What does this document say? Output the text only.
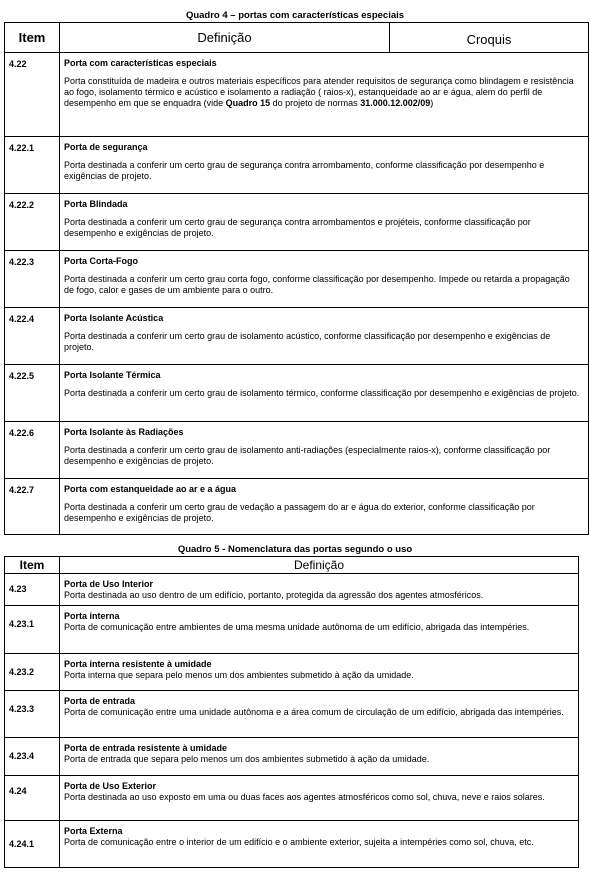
Quadro 4 – portas com características especiais
Item	Definição	Croquis
4.22	Porta com características especiais
Porta constituída de madeira e outros materiais específicos para atender requisitos de segurança como blindagem e resistência ao fogo, isolamento térmico e acústico e isolamento a radiação ( raios-x), estanqueidade ao ar e água, alem do perfil de desempenho em que se enquadra (vide Quadro 15 do projeto de normas 31.000.12.002/09)	

4.22.1	Porta de segurança
Porta destinada a conferir um certo grau de segurança contra arrombamento, conforme classificação por desempenho e exigências de projeto.	

4.22.2	Porta Blindada
Porta destinada a conferir um certo grau de segurança contra arrombamentos e projéteis, conforme classificação por desempenho e exigências de projeto.	

4.22.3	Porta Corta-Fogo
Porta destinada a conferir um certo grau corta fogo, conforme classificação por desempenho. Impede ou retarda a propagação de fogo, calor e gases de um ambiente para o outro.	

4.22.4	Porta Isolante Acústica
Porta destinada a conferir um certo grau de isolamento acústico, conforme classificação por desempenho e exigências de projeto.	

4.22.5	Porta Isolante Térmica
Porta destinada a conferir um certo grau de isolamento térmico, conforme classificação por desempenho e exigências de projeto.	

4.22.6	Porta Isolante às Radiações
Porta destinada a conferir um certo grau de isolamento anti-radiações (especialmente raios-x), conforme classificação por desempenho e exigências de projeto.	

4.22.7	Porta com estanqueidade ao ar e a água
Porta destinada a conferir um certo grau de vedação a passagem do ar e água do exterior, conforme classificação por desempenho e exigências de projeto.	
Quadro 5 - Nomenclatura das portas segundo o uso
Item	Definição
4.23	Porta de Uso Interior
Porta destinada ao uso dentro de um edifício, portanto, protegida da agressão dos agentes atmosféricos.

4.23.1	Porta interna
Porta de comunicação entre ambientes de uma mesma unidade autônoma de um edifício, abrigada das intempéries.

4.23.2	Porta interna resistente à umidade
Porta interna que separa pelo menos um dos ambientes submetido à ação da umidade.

4.23.3	Porta de entrada
Porta de comunicação entre uma unidade autônoma e a área comum de circulação de um edifício, abrigada das intempéries.

4.23.4	Porta de entrada resistente à umidade
Porta de entrada que separa pelo menos um dos ambientes submetido à ação da umidade.

4.24	Porta de Uso Exterior
Porta destinada ao uso exposto em uma ou duas faces aos agentes atmosféricos como sol, chuva, neve e raios solares.

4.24.1	Porta Externa
Porta de comunicação entre o interior de um edifício e o ambiente exterior, sujeita a intempéries como sol, chuva, etc.
